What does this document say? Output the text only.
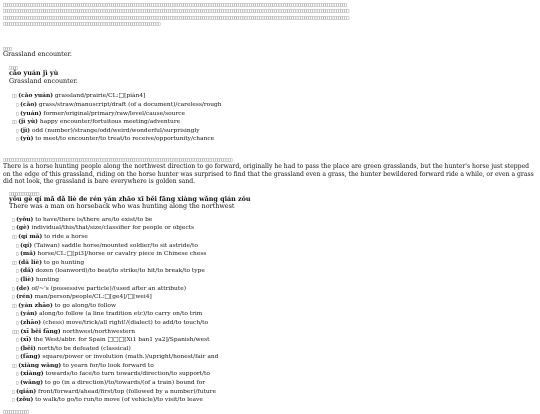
□□□□□□□□□□□□□□□□□□□□□□□□□□□□□□□□□□□□□□□□□□□□□□□□□□□□□□□□□□□□□□□□□□□□□□□□□□□□□□□□□□□□□□□□□□□□□□□□□□□□□□□□□□□□□□□□□□□□□□□□□□□□□□□□□□□□□□□□□□□□□□□□□□□□□□□□□□□□□□□□□□
□□□□□□□□□□□□□□□□□□□□□□□□□□□□□□□□□□□□□□□□□□□□□□□□□□□□□□□□□□□□□□□□□□□□□□□□□□□□□□□□□□□□□□□□□□□□□□□□□□□□□□□□□□□□□□□□□□□□□□□□□□□□□□□□□□□□□□□□□□□□□□□□□□□□□□□□□□□□□□□□□□□
□□□□□□□□□□□□□□□□□□□□□□□□□□□□□□□□□□□□□□□□□□□□□□□□□□□□□□□□□□□□□□□□□□□□□□□□□□□□□□□□□□□□□□□□□□□□□□□□□□□□□□□□□□□□□□□□□□□□□□□□□□□□□□□□□□□□□□□□□□□□□□□□□□□□□□□□□□□□□□□□□□□
□□□□□□□□□□□□□□□□□□□□□□□□□□□□□□□□□□□□□□□□□□□□□□□□□□□□□□□□□□□□□□□□□□□□□□□□□□
□□□□
Grassland encounter.
□□□□
cǎo yuán jì yù
Grassland encounter.
□□ (cǎo yuán) grassland/prairie/CL:□[piàn4]
□ (cǎo) grass/straw/manuscript/draft (of a document)/careless/rough
□ (yuán) former/original/primary/raw/level/cause/source
□□ (jì yù) happy encounter/fortuitous meeting/adventure
□ (jì) odd (number)/strange/odd/weird/wonderful/surprisingly
□ (yù) to meet/to encounter/to treat/to receive/opportunity/chance
□□□□□□□□□□□□□□□□□□□□□□□□□□□□□□□□□□□□□□□□□□□□□□□□□□□□□□□□□□□□□□□□□□□□□□□□□□□□□□□□□□□□□□□□□□□□□□□□□□□□□□□□□□□□
There is a horse hunting people along the northwest direction to go forward, originally he had to pass the place are green grasslands, but the hunter's horse just stepped on the edge of this grassland, riding on the horse hunter was surprised to find that the grassland even a grass, the hunter bewildered forward ride a while, or even a grass did not look, the grassland is bare everywhere is golden sand.
□□□□□□□□□□□□□□
yǒu gè qí mǎ dǎ liè de rén yán zhāo xī běi fāng xiàng wǎng qián zǒu
There was a man on horseback who was hunting along the northwest
□ (yǒu) to have/there is/there are/to exist/to be
□ (gè) individual/this/that/size/classifier for people or objects
□□ (qí mǎ) to ride a horse
□ (qí) (Taiwan) saddle horse/mounted soldier/to sit astride/to
□ (mǎ) horse/CL:□[pi3]/horse or cavalry piece in Chinese chess
□□ (dǎ liè) to go hunting
□ (dǎ) dozen (loanword)/to beat/to strike/to hit/to break/to type
□ (liè) hunting
□ (de) of/~'s (possessive particle)/(used after an attribute)
□ (rén) man/person/people/CL:□[ge4]/□[wei4]
□□ (yán zhāo) to go along/to follow
□ (yán) along/to follow (a line tradition etc)/to carry on/to trim
□ (zhāo) (chess) move/trick/all right!/(dialect) to add/to touch/to
□□□ (xī běi fāng) northwest/northwestern
□ (xī) the West/abbr. for Spain □□□[Xi1 ban1 ya2]/Spanish/west
□ (běi) north/to be defeated (classical)
□ (fāng) square/power or involution (math.)/upright/honest/fair and
□□ (xiàng wǎng) to yearn for/to look forward to
□ (xiàng) towards/to face/to turn towards/direction/to support/to
□ (wǎng) to go (in a direction)/to/towards/(of a train) bound for
□ (qián) front/forward/ahead/first/top (followed by a number)/future
□ (zǒu) to walk/to go/to run/to move (of vehicle)/to visit/to leave
□□□□□□□□□□□□
